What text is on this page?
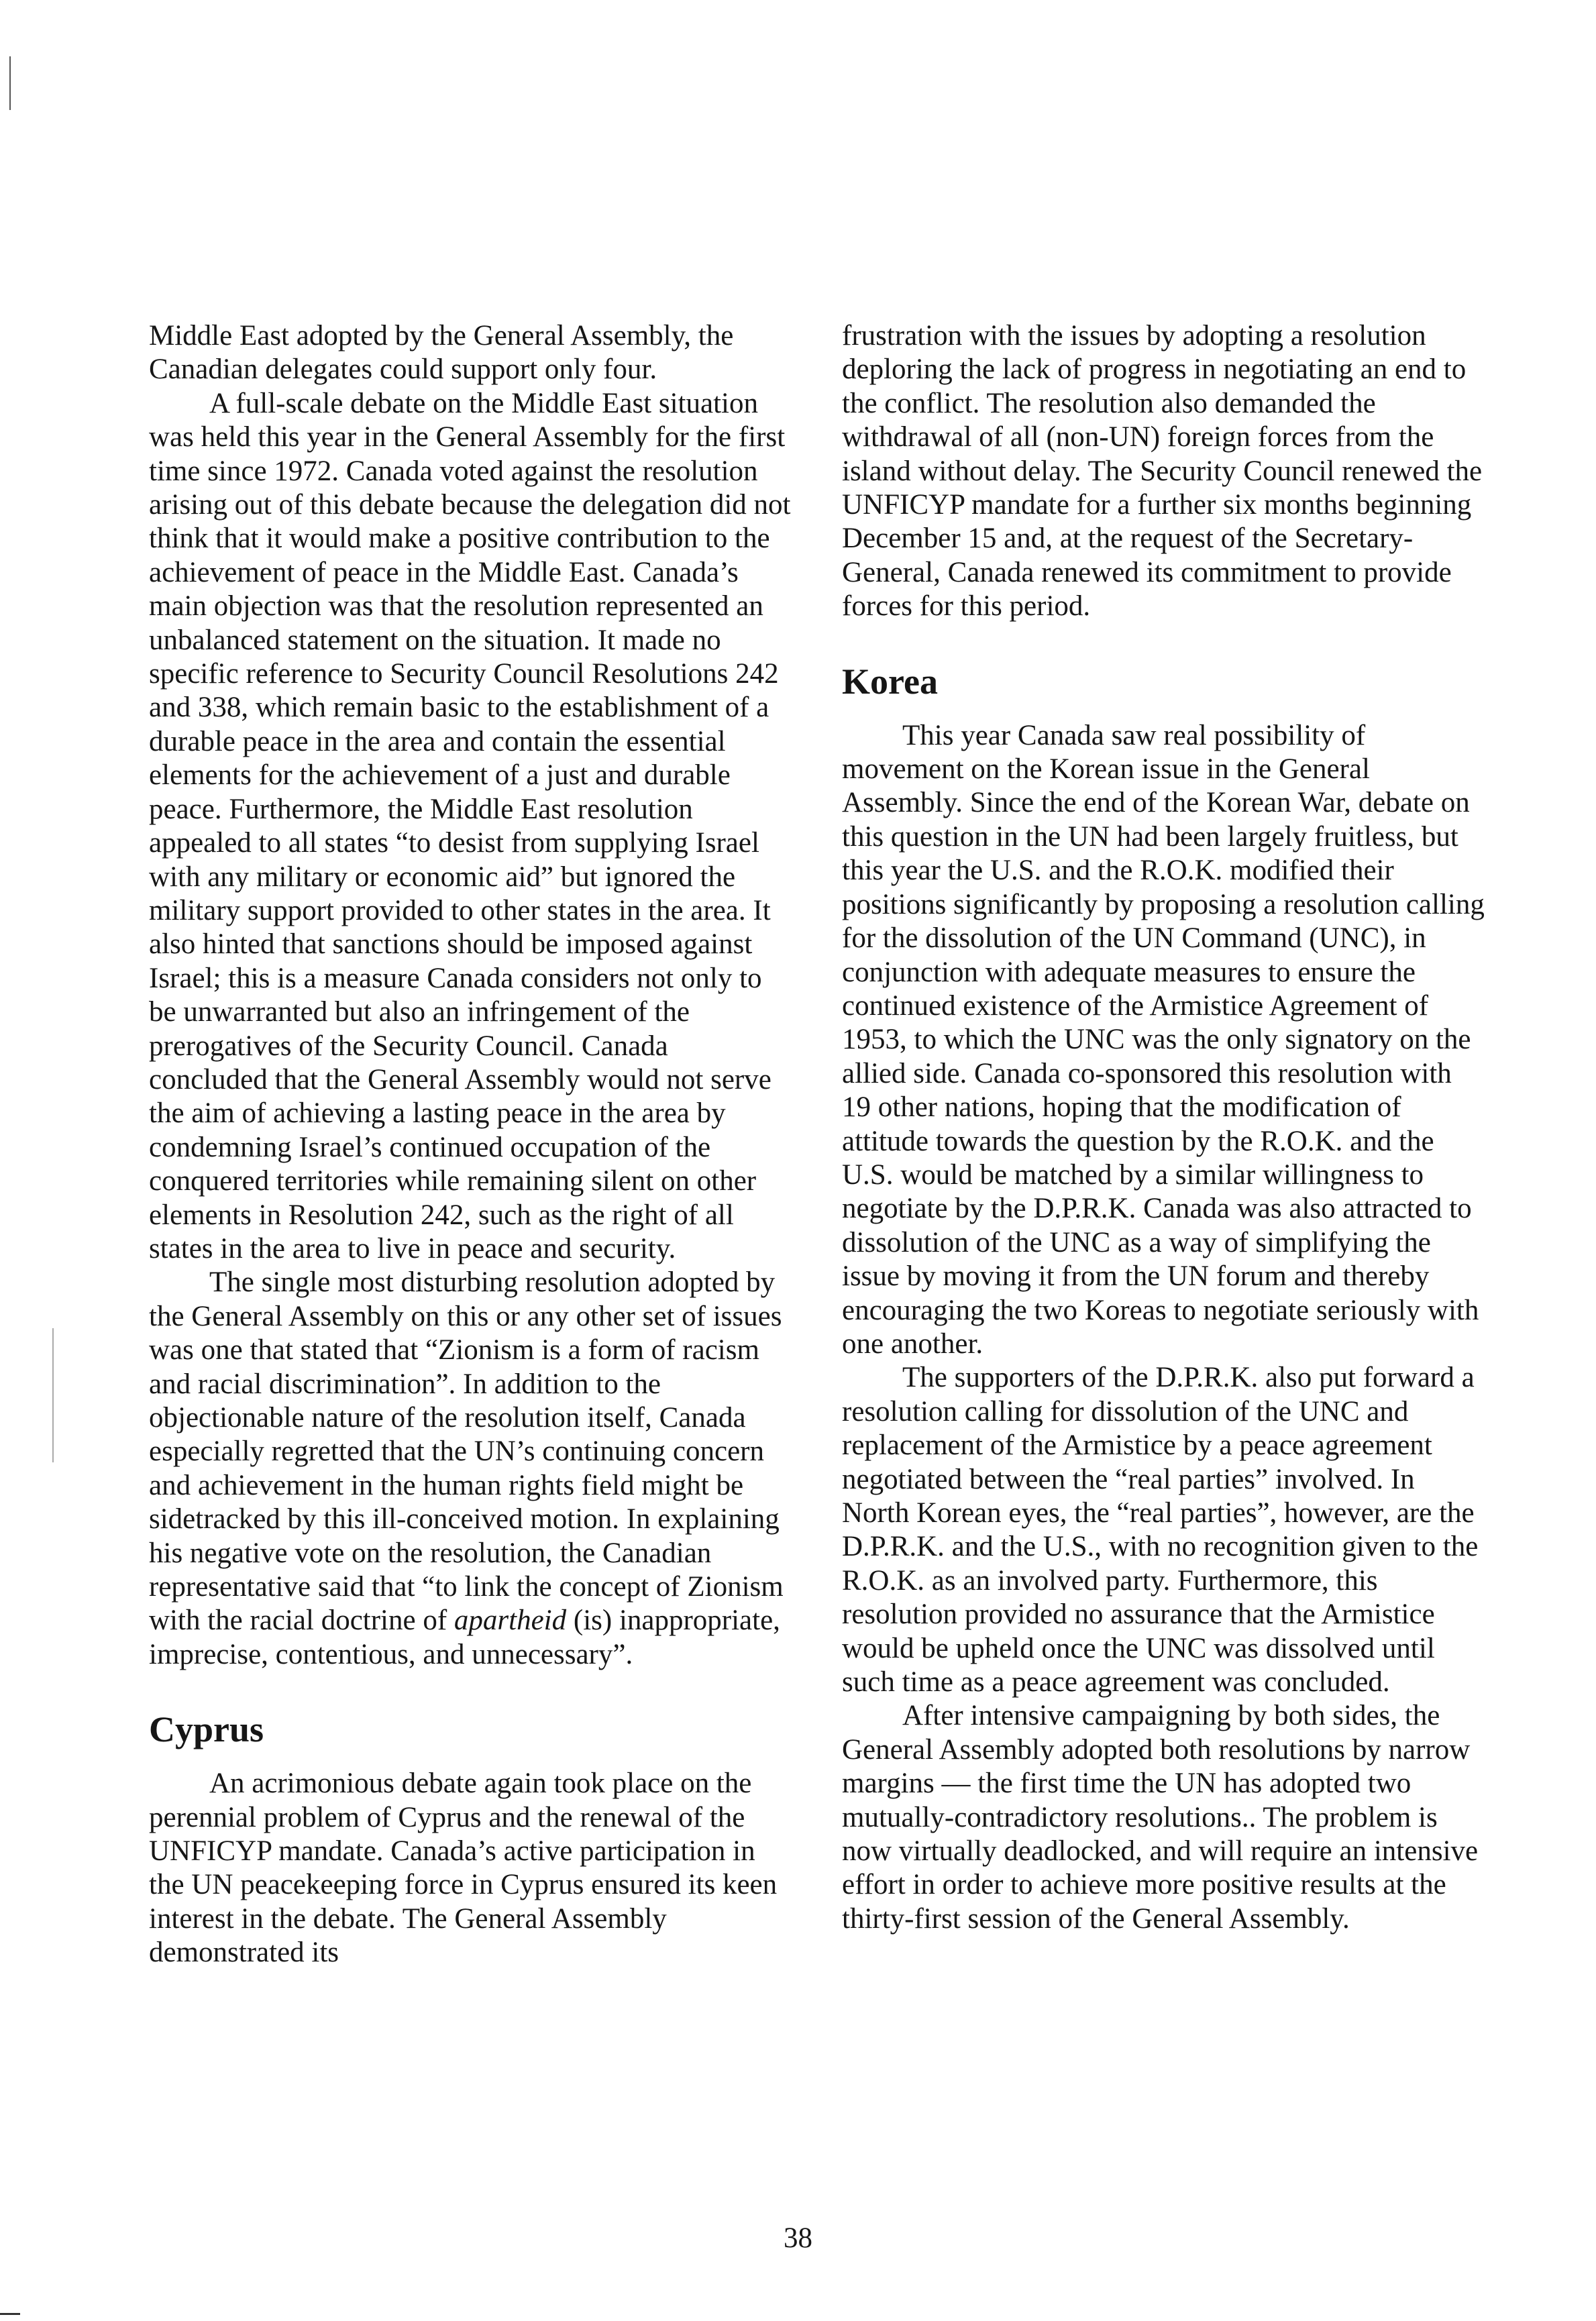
Middle East adopted by the General Assembly, the Canadian delegates could support only four.

A full-scale debate on the Middle East situation was held this year in the General Assembly for the first time since 1972. Canada voted against the resolution arising out of this debate because the delegation did not think that it would make a positive contribution to the achievement of peace in the Middle East. Canada’s main objection was that the resolution represented an unbalanced statement on the situation. It made no specific reference to Security Council Resolutions 242 and 338, which remain basic to the establishment of a durable peace in the area and contain the essential elements for the achievement of a just and durable peace. Furthermore, the Middle East resolution appealed to all states “to desist from supplying Israel with any military or economic aid” but ignored the military support provided to other states in the area. It also hinted that sanctions should be imposed against Israel; this is a measure Canada considers not only to be unwarranted but also an infringement of the prerogatives of the Security Council. Canada concluded that the General Assembly would not serve the aim of achieving a lasting peace in the area by condemning Israel’s continued occupation of the conquered territories while remaining silent on other elements in Resolution 242, such as the right of all states in the area to live in peace and security.

The single most disturbing resolution adopted by the General Assembly on this or any other set of issues was one that stated that “Zionism is a form of racism and racial discrimination”. In addition to the objectionable nature of the resolution itself, Canada especially regretted that the UN’s continuing concern and achievement in the human rights field might be sidetracked by this ill-conceived motion. In explaining his negative vote on the resolution, the Canadian representative said that “to link the concept of Zionism with the racial doctrine of apartheid (is) inappropriate, imprecise, contentious, and unnecessary”.

Cyprus

An acrimonious debate again took place on the perennial problem of Cyprus and the renewal of the UNFICYP mandate. Canada’s active participation in the UN peacekeeping force in Cyprus ensured its keen interest in the debate. The General Assembly demonstrated its

frustration with the issues by adopting a resolution deploring the lack of progress in negotiating an end to the conflict. The resolution also demanded the withdrawal of all (non-UN) foreign forces from the island without delay. The Security Council renewed the UNFICYP mandate for a further six months beginning December 15 and, at the request of the Secretary-General, Canada renewed its commitment to provide forces for this period.

Korea

This year Canada saw real possibility of movement on the Korean issue in the General Assembly. Since the end of the Korean War, debate on this question in the UN had been largely fruitless, but this year the U.S. and the R.O.K. modified their positions significantly by proposing a resolution calling for the dissolution of the UN Command (UNC), in conjunction with adequate measures to ensure the continued existence of the Armistice Agreement of 1953, to which the UNC was the only signatory on the allied side. Canada co-sponsored this resolution with 19 other nations, hoping that the modification of attitude towards the question by the R.O.K. and the U.S. would be matched by a similar willingness to negotiate by the D.P.R.K. Canada was also attracted to dissolution of the UNC as a way of simplifying the issue by moving it from the UN forum and thereby encouraging the two Koreas to negotiate seriously with one another.

The supporters of the D.P.R.K. also put forward a resolution calling for dissolution of the UNC and replacement of the Armistice by a peace agreement negotiated between the “real parties” involved. In North Korean eyes, the “real parties”, however, are the D.P.R.K. and the U.S., with no recognition given to the R.O.K. as an involved party. Furthermore, this resolution provided no assurance that the Armistice would be upheld once the UNC was dissolved until such time as a peace agreement was concluded.

After intensive campaigning by both sides, the General Assembly adopted both resolutions by narrow margins — the first time the UN has adopted two mutually-contradictory resolutions.. The problem is now virtually deadlocked, and will require an intensive effort in order to achieve more positive results at the thirty-first session of the General Assembly.

38
